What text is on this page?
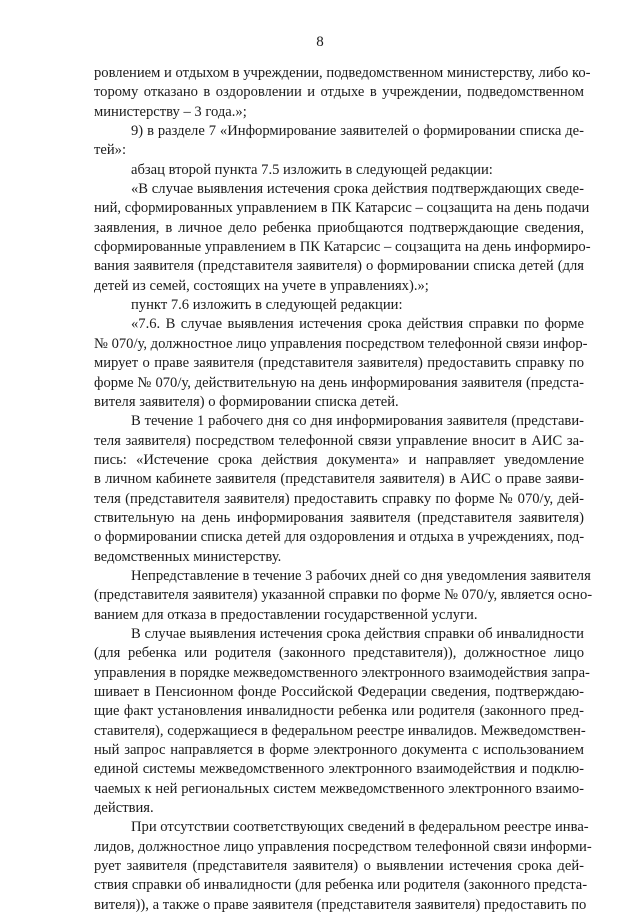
8
ровлением и отдыхом в учреждении, подведомственном министерству, либо ко-
торому отказано в оздоровлении и отдыхе в учреждении, подведомственном
министерству – 3 года.»;
9) в разделе 7 «Информирование заявителей о формировании списка де-
тей»:
абзац второй пункта 7.5 изложить в следующей редакции:
«В случае выявления истечения срока действия подтверждающих сведе-
ний, сформированных управлением в ПК Катарсис – соцзащита на день подачи
заявления, в личное дело ребенка приобщаются подтверждающие сведения,
сформированные управлением в ПК Катарсис – соцзащита на день информиро-
вания заявителя (представителя заявителя) о формировании списка детей (для
детей из семей, состоящих на учете в управлениях).»;
пункт 7.6 изложить в следующей редакции:
«7.6. В случае выявления истечения срока действия справки по форме
№ 070/у, должностное лицо управления посредством телефонной связи инфор-
мирует о праве заявителя (представителя заявителя) предоставить справку по
форме № 070/у, действительную на день информирования заявителя (предста-
вителя заявителя) о формировании списка детей.
В течение 1 рабочего дня со дня информирования заявителя (представи-
теля заявителя) посредством телефонной связи управление вносит в АИС за-
пись: «Истечение срока действия документа» и направляет уведомление
в личном кабинете заявителя (представителя заявителя) в АИС о праве заяви-
теля (представителя заявителя) предоставить справку по форме № 070/у, дей-
ствительную на день информирования заявителя (представителя заявителя)
о формировании списка детей для оздоровления и отдыха в учреждениях, под-
ведомственных министерству.
Непредставление в течение 3 рабочих дней со дня уведомления заявителя
(представителя заявителя) указанной справки по форме № 070/у, является осно-
ванием для отказа в предоставлении государственной услуги.
В случае выявления истечения срока действия справки об инвалидности
(для ребенка или родителя (законного представителя)), должностное лицо
управления в порядке межведомственного электронного взаимодействия запра-
шивает в Пенсионном фонде Российской Федерации сведения, подтверждаю-
щие факт установления инвалидности ребенка или родителя (законного пред-
ставителя), содержащиеся в федеральном реестре инвалидов. Межведомствен-
ный запрос направляется в форме электронного документа с использованием
единой системы межведомственного электронного взаимодействия и подклю-
чаемых к ней региональных систем межведомственного электронного взаимо-
действия.
При отсутствии соответствующих сведений в федеральном реестре инва-
лидов, должностное лицо управления посредством телефонной связи информи-
рует заявителя (представителя заявителя) о выявлении истечения срока дей-
ствия справки об инвалидности (для ребенка или родителя (законного предста-
вителя)), а также о праве заявителя (представителя заявителя) предоставить по
